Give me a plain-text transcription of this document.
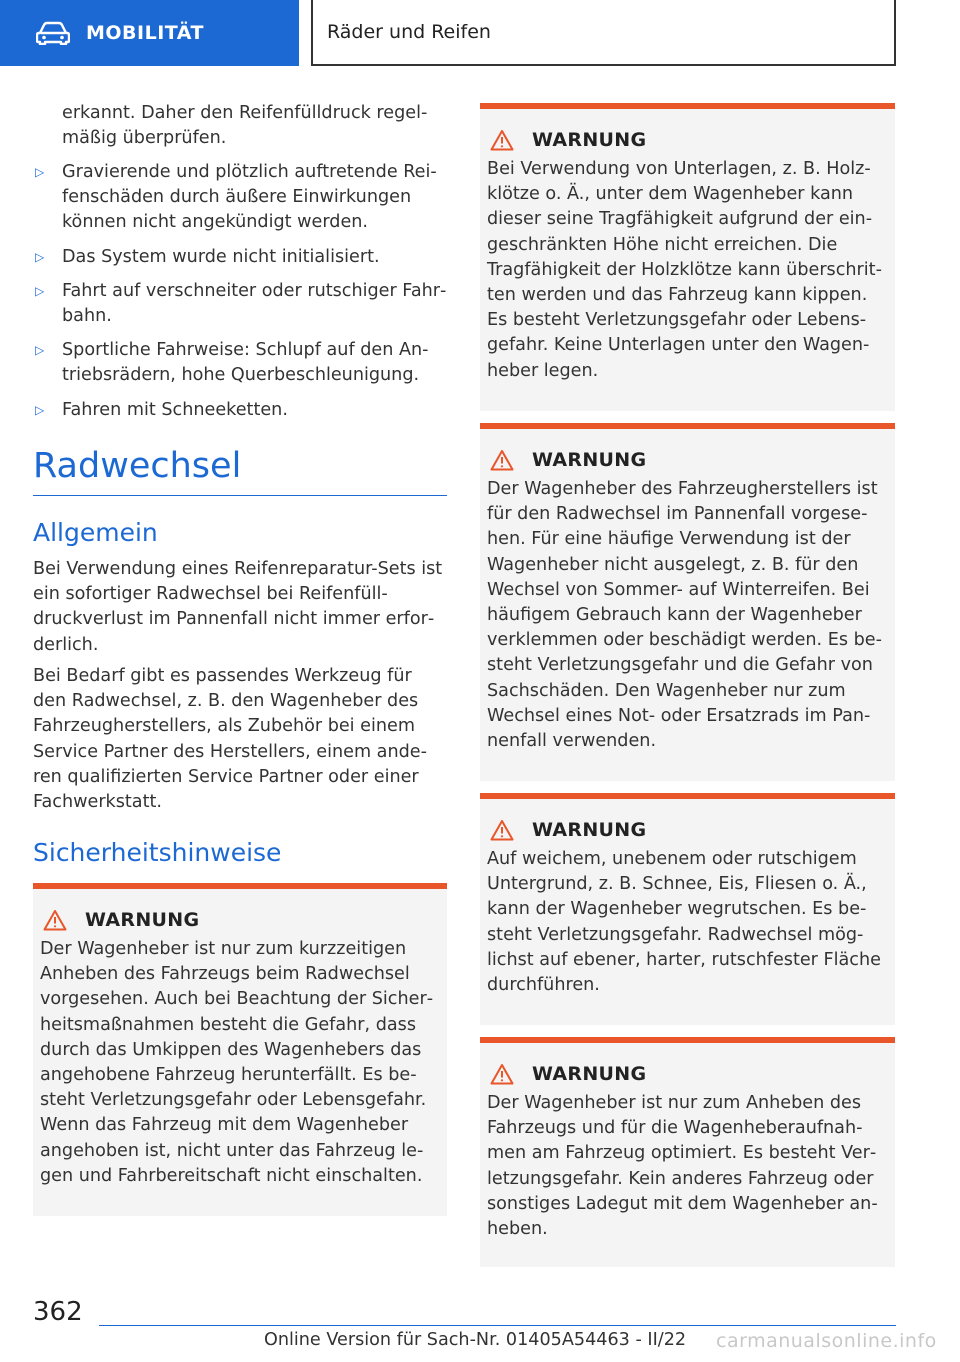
MOBILITÄT	Räder und Reifen
erkannt. Daher den Reifenfülldruck regelmäßig überprüfen.
▷	Gravierende und plötzlich auftretende Reifenschäden durch äußere Einwirkungen können nicht angekündigt werden.
▷	Das System wurde nicht initialisiert.
▷	Fahrt auf verschneiter oder rutschiger Fahrbahn.
▷	Sportliche Fahrweise: Schlupf auf den Antriebsrädern, hohe Querbeschleunigung.
▷	Fahren mit Schneeketten.
Radwechsel
Allgemein
Bei Verwendung eines Reifenreparatur-Sets ist ein sofortiger Radwechsel bei Reifenfülldruckverlust im Pannenfall nicht immer erforderlich.
Bei Bedarf gibt es passendes Werkzeug für den Radwechsel, z. B. den Wagenheber des Fahrzeugherstellers, als Zubehör bei einem Service Partner des Herstellers, einem anderen qualifizierten Service Partner oder einer Fachwerkstatt.
Sicherheitshinweise
WARNUNG
Der Wagenheber ist nur zum kurzzeitigen Anheben des Fahrzeugs beim Radwechsel vorgesehen. Auch bei Beachtung der Sicherheitsmaßnahmen besteht die Gefahr, dass durch das Umkippen des Wagenhebers das angehobene Fahrzeug herunterfällt. Es besteht Verletzungsgefahr oder Lebensgefahr. Wenn das Fahrzeug mit dem Wagenheber angehoben ist, nicht unter das Fahrzeug legen und Fahrbereitschaft nicht einschalten.
WARNUNG
Bei Verwendung von Unterlagen, z. B. Holzklötze o. Ä., unter dem Wagenheber kann dieser seine Tragfähigkeit aufgrund der eingeschränkten Höhe nicht erreichen. Die Tragfähigkeit der Holzklötze kann überschritten werden und das Fahrzeug kann kippen. Es besteht Verletzungsgefahr oder Lebensgefahr. Keine Unterlagen unter den Wagenheber legen.
WARNUNG
Der Wagenheber des Fahrzeugherstellers ist für den Radwechsel im Pannenfall vorgesehen. Für eine häufige Verwendung ist der Wagenheber nicht ausgelegt, z. B. für den Wechsel von Sommer- auf Winterreifen. Bei häufigem Gebrauch kann der Wagenheber verklemmen oder beschädigt werden. Es besteht Verletzungsgefahr und die Gefahr von Sachschäden. Den Wagenheber nur zum Wechsel eines Not- oder Ersatzrads im Pannenfall verwenden.
WARNUNG
Auf weichem, unebenem oder rutschigem Untergrund, z. B. Schnee, Eis, Fliesen o. Ä., kann der Wagenheber wegrutschen. Es besteht Verletzungsgefahr. Radwechsel möglichst auf ebener, harter, rutschfester Fläche durchführen.
WARNUNG
Der Wagenheber ist nur zum Anheben des Fahrzeugs und für die Wagenheberaufnahmen am Fahrzeug optimiert. Es besteht Verletzungsgefahr. Kein anderes Fahrzeug oder sonstiges Ladegut mit dem Wagenheber anheben.
362
Online Version für Sach-Nr. 01405A54463 - II/22 carmanualsonline.info
